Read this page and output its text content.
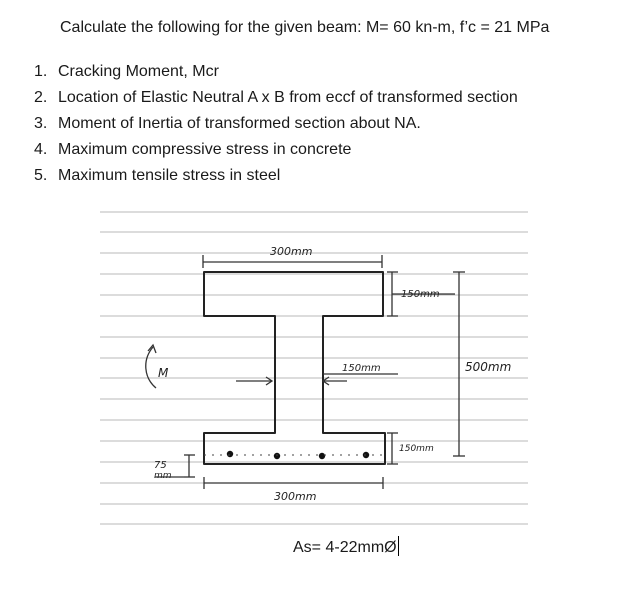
Calculate the following for the given beam: M= 60 kn-m, f’c = 21 MPa
1. Cracking Moment, Mcr
2. Location of Elastic Neutral A x B from eccf of transformed section
3. Moment of Inertia of transformed section about NA.
4. Maximum compressive stress in concrete
5. Maximum tensile stress in steel
300mm
150mm
500mm
150mm
M
150mm
75
mm
300mm
As= 4-22mmØ
